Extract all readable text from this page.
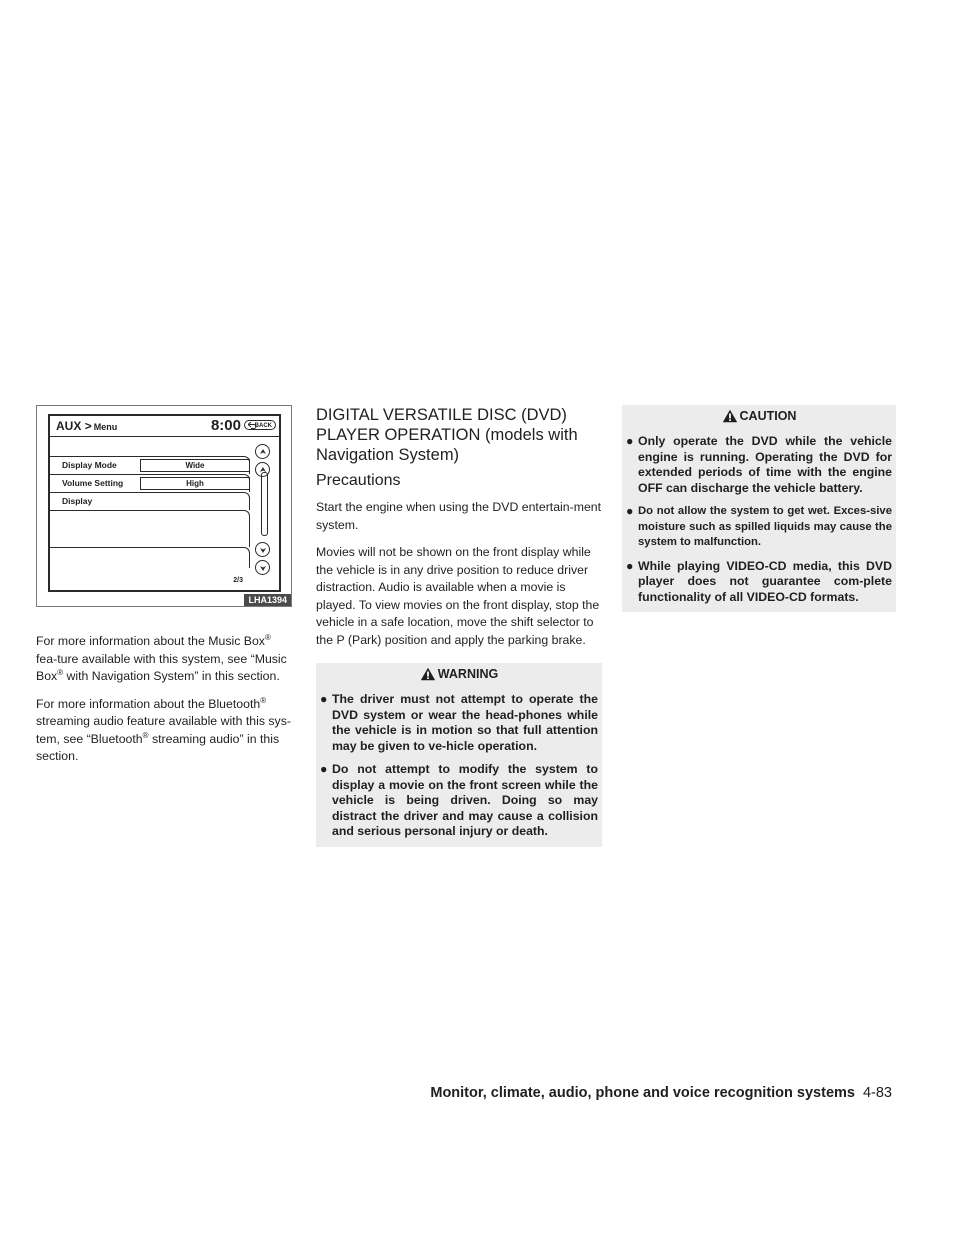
AUX > Menu	8:00	BACK
Display Mode	Wide
Volume Setting	High
Display
2/3
LHA1394

For more information about the Music Box® fea-ture available with this system, see “Music Box® with Navigation System” in this section.

For more information about the Bluetooth® streaming audio feature available with this sys-tem, see “Bluetooth® streaming audio” in this section.

DIGITAL VERSATILE DISC (DVD) PLAYER OPERATION (models with Navigation System)
Precautions

Start the engine when using the DVD entertain-ment system.

Movies will not be shown on the front display while the vehicle is in any drive position to reduce driver distraction. Audio is available when a movie is played. To view movies on the front display, stop the vehicle in a safe location, move the shift selector to the P (Park) position and apply the parking brake.

WARNING
● The driver must not attempt to operate the DVD system or wear the head-phones while the vehicle is in motion so that full attention may be given to ve-hicle operation.
● Do not attempt to modify the system to display a movie on the front screen while the vehicle is being driven. Doing so may distract the driver and may cause a collision and serious personal injury or death.
CAUTION
● Only operate the DVD while the vehicle engine is running. Operating the DVD for extended periods of time with the engine OFF can discharge the vehicle battery.
● Do not allow the system to get wet. Exces-sive moisture such as spilled liquids may cause the system to malfunction.
● While playing VIDEO-CD media, this DVD player does not guarantee com-plete functionality of all VIDEO-CD formats.
Monitor, climate, audio, phone and voice recognition systems 4-83
